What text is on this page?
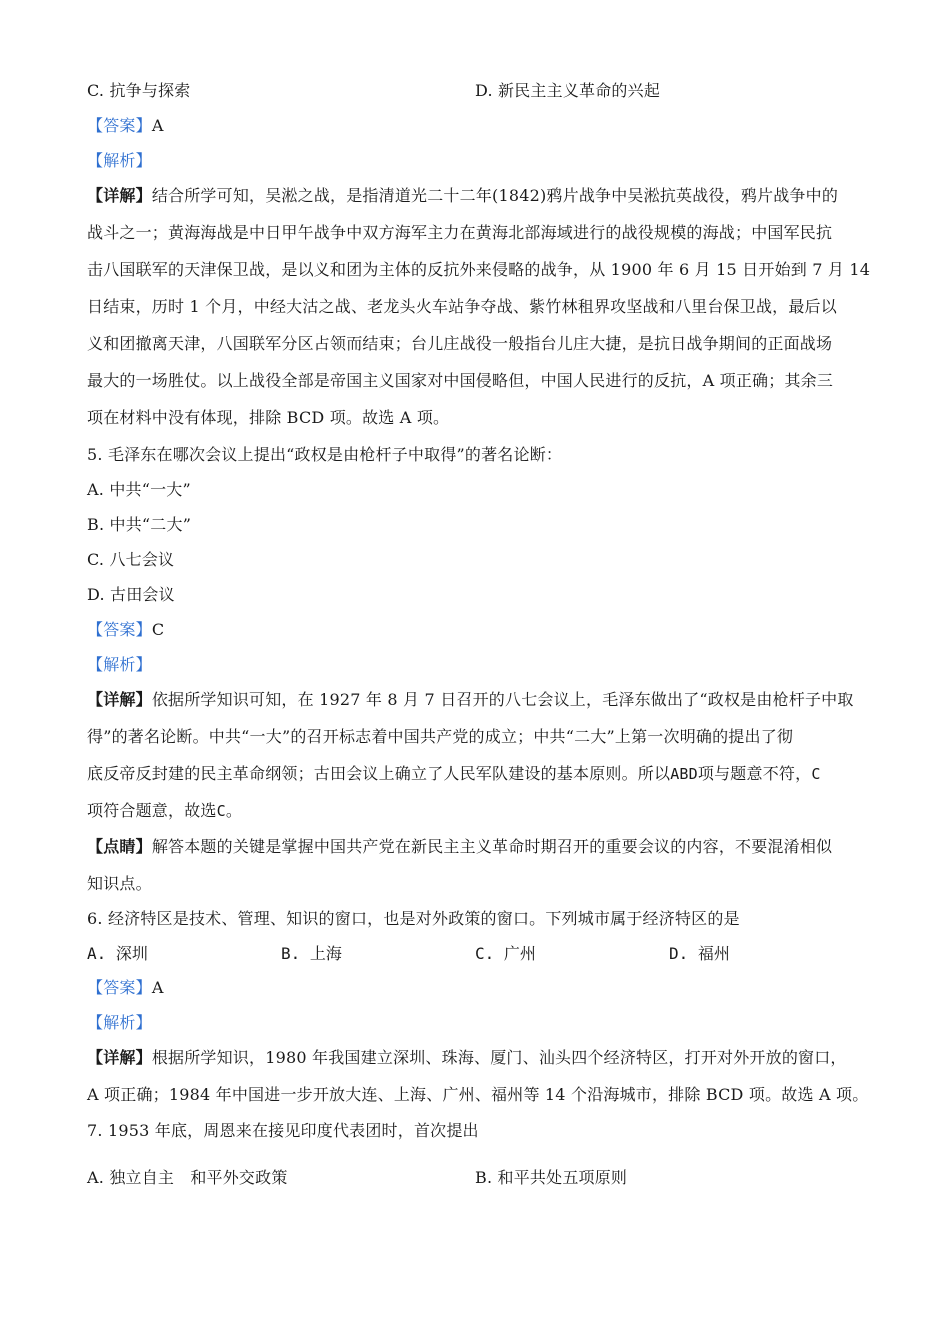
C. 抗争与探索	D. 新民主主义革命的兴起
【答案】A
【解析】
【详解】结合所学可知，吴淞之战，是指清道光二十二年(1842)鸦片战争中吴淞抗英战役，鸦片战争中的
战斗之一；黄海海战是中日甲午战争中双方海军主力在黄海北部海域进行的战役规模的海战；中国军民抗
击八国联军的天津保卫战，是以义和团为主体的反抗外来侵略的战争，从 1900 年 6 月 15 日开始到 7 月 14
日结束，历时 1 个月，中经大沽之战、老龙头火车站争夺战、紫竹林租界攻坚战和八里台保卫战，最后以
义和团撤离天津，八国联军分区占领而结束；台儿庄战役一般指台儿庄大捷，是抗日战争期间的正面战场
最大的一场胜仗。以上战役全部是帝国主义国家对中国侵略但，中国人民进行的反抗，A 项正确；其余三
项在材料中没有体现，排除 BCD 项。故选 A 项。
5. 毛泽东在哪次会议上提出“政权是由枪杆子中取得”的著名论断：
A. 中共“一大”
B. 中共“二大”
C. 八七会议
D. 古田会议
【答案】C
【解析】
【详解】依据所学知识可知，在 1927 年 8 月 7 日召开的八七会议上，毛泽东做出了“政权是由枪杆子中取
得”的著名论断。中共“一大”的召开标志着中国共产党的成立；中共“二大”上第一次明确的提出了彻
底反帝反封建的民主革命纲领；古田会议上确立了人民军队建设的基本原则。所以ABD项与题意不符，C
项符合题意，故选C。
【点睛】解答本题的关键是掌握中国共产党在新民主主义革命时期召开的重要会议的内容，不要混淆相似
知识点。
6. 经济特区是技术、管理、知识的窗口，也是对外政策的窗口。下列城市属于经济特区的是
A. 深圳	B. 上海	C. 广州	D. 福州
【答案】A
【解析】
【详解】根据所学知识，1980 年我国建立深圳、珠海、厦门、汕头四个经济特区，打开对外开放的窗口，
A 项正确；1984 年中国进一步开放大连、上海、广州、福州等 14 个沿海城市，排除 BCD 项。故选 A 项。
7. 1953 年底，周恩来在接见印度代表团时，首次提出
A. 独立自主　和平外交政策	B. 和平共处五项原则
